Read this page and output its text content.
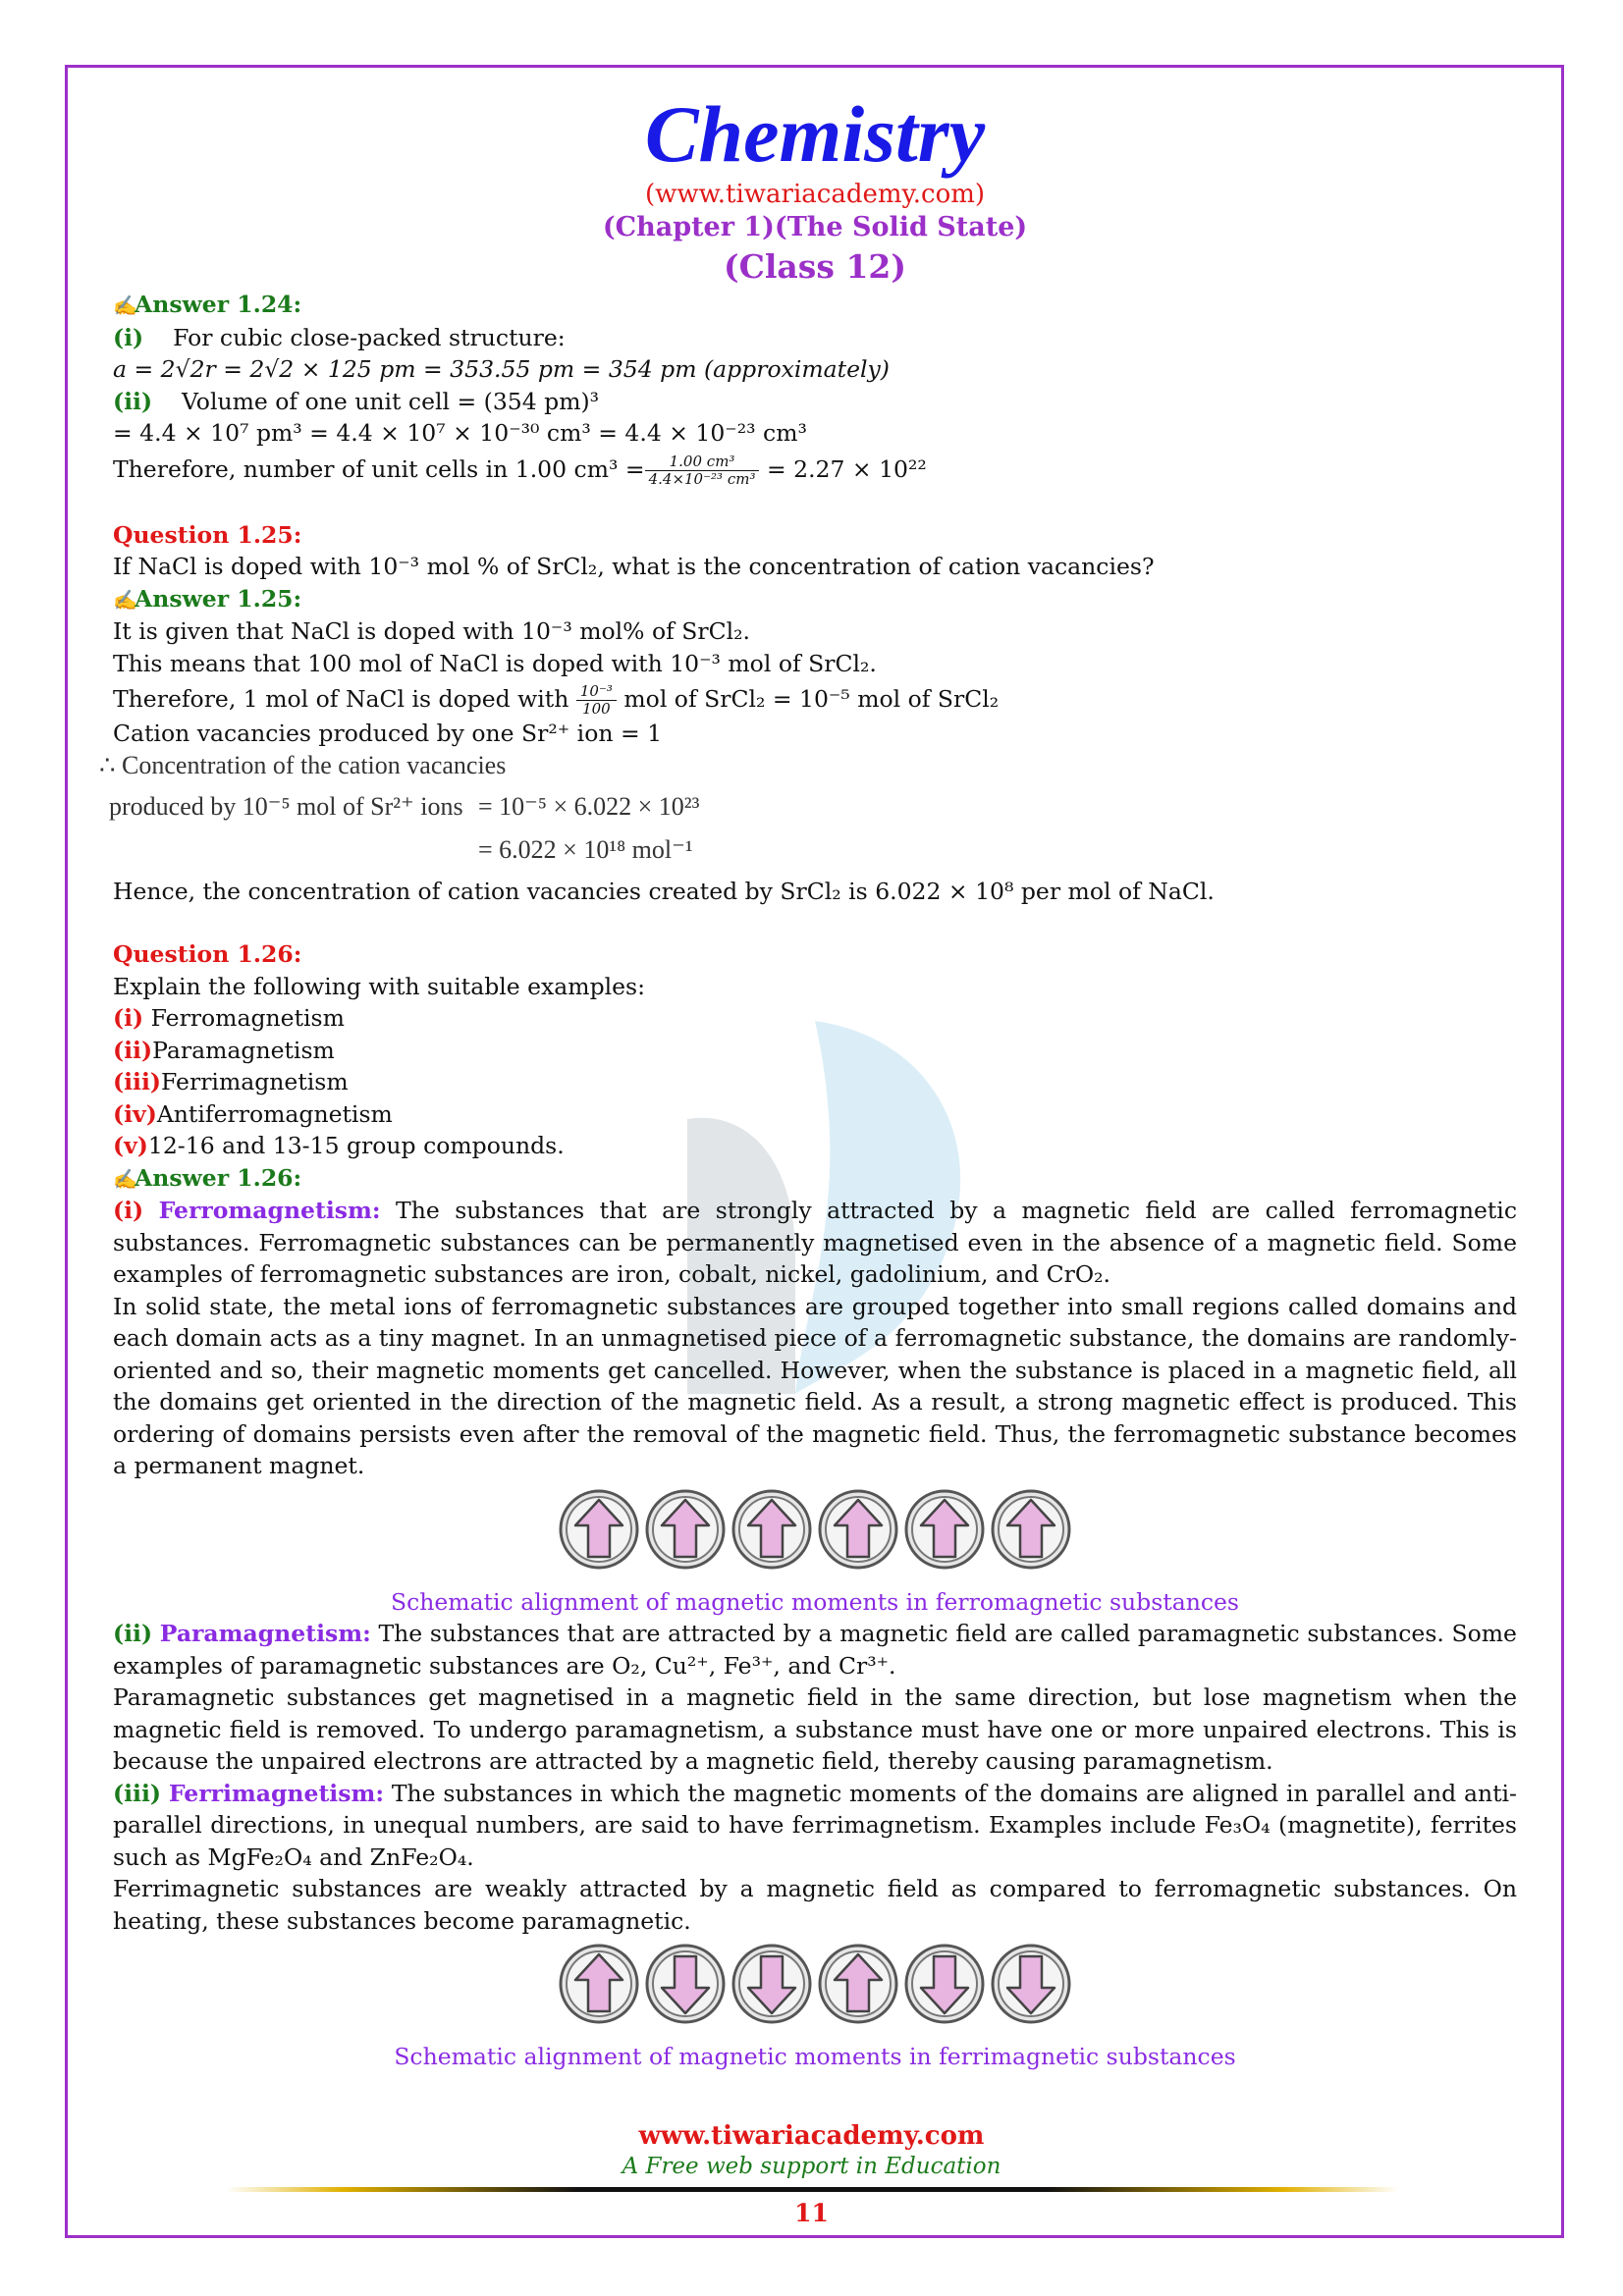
Chemistry
(www.tiwariacademy.com)
(Chapter 1)(The Solid State)
(Class 12)
✍Answer 1.24:
(i) For cubic close-packed structure:
a = 2√2r = 2√2 × 125 pm = 353.55 pm = 354 pm (approximately)
(ii) Volume of one unit cell = (354 pm)³
= 4.4 × 10⁷ pm³ = 4.4 × 10⁷ × 10⁻³⁰ cm³ = 4.4 × 10⁻²³ cm³
Therefore, number of unit cells in 1.00 $cm^3 = \frac{\text{1.00 cm³}}{\text{4.4×10⁻²³ cm³}} = 2.27 \times 10^{22}$
Question 1.25:
If NaCl is doped with 10⁻³ mol % of SrCl₂, what is the concentration of cation vacancies?
✍Answer 1.25:
It is given that NaCl is doped with 10⁻³ mol% of SrCl₂.
This means that 100 mol of NaCl is doped with 10⁻³ mol of SrCl₂.
Therefore, 1 mol of NaCl is doped with $\frac{\text{10⁻³}}{100}$ mol of SrCl₂ = 10⁻⁵ mol of SrCl₂
Cation vacancies produced by one Sr²⁺ ion = 1
∴ Concentration of the cation vacancies
produced by 10⁻⁵ mol of Sr²⁺ ions = 10⁻⁵ × 6.022 × 10²³
= 6.022 × 10¹⁸ mol⁻¹
Hence, the concentration of cation vacancies created by SrCl₂ is 6.022 × 10⁸ per mol of NaCl.
Question 1.26:
Explain the following with suitable examples:
(i) Ferromagnetism
(ii)Paramagnetism
(iii)Ferrimagnetism
(iv)Antiferromagnetism
(v)12-16 and 13-15 group compounds.
✍Answer 1.26:
(i) Ferromagnetism: The substances that are strongly attracted by a magnetic field are called ferromagnetic substances. Ferromagnetic substances can be permanently magnetised even in the absence of a magnetic field. Some examples of ferromagnetic substances are iron, cobalt, nickel, gadolinium, and CrO₂.
In solid state, the metal ions of ferromagnetic substances are grouped together into small regions called domains and each domain acts as a tiny magnet. In an unmagnetised piece of a ferromagnetic substance, the domains are randomly-oriented and so, their magnetic moments get cancelled. However, when the substance is placed in a magnetic field, all the domains get oriented in the direction of the magnetic field. As a result, a strong magnetic effect is produced. This ordering of domains persists even after the removal of the magnetic field. Thus, the ferromagnetic substance becomes a permanent magnet.
Schematic alignment of magnetic moments in ferromagnetic substances
(ii) Paramagnetism: The substances that are attracted by a magnetic field are called paramagnetic substances. Some examples of paramagnetic substances are O₂, Cu²⁺, Fe³⁺, and Cr³⁺.
Paramagnetic substances get magnetised in a magnetic field in the same direction, but lose magnetism when the magnetic field is removed. To undergo paramagnetism, a substance must have one or more unpaired electrons. This is because the unpaired electrons are attracted by a magnetic field, thereby causing paramagnetism.
(iii) Ferrimagnetism: The substances in which the magnetic moments of the domains are aligned in parallel and anti-parallel directions, in unequal numbers, are said to have ferrimagnetism. Examples include Fe₃O₄ (magnetite), ferrites such as MgFe₂O₄ and ZnFe₂O₄.
Ferrimagnetic substances are weakly attracted by a magnetic field as compared to ferromagnetic substances. On heating, these substances become paramagnetic.
Schematic alignment of magnetic moments in ferrimagnetic substances
www.tiwariacademy.com
A Free web support in Education
11
